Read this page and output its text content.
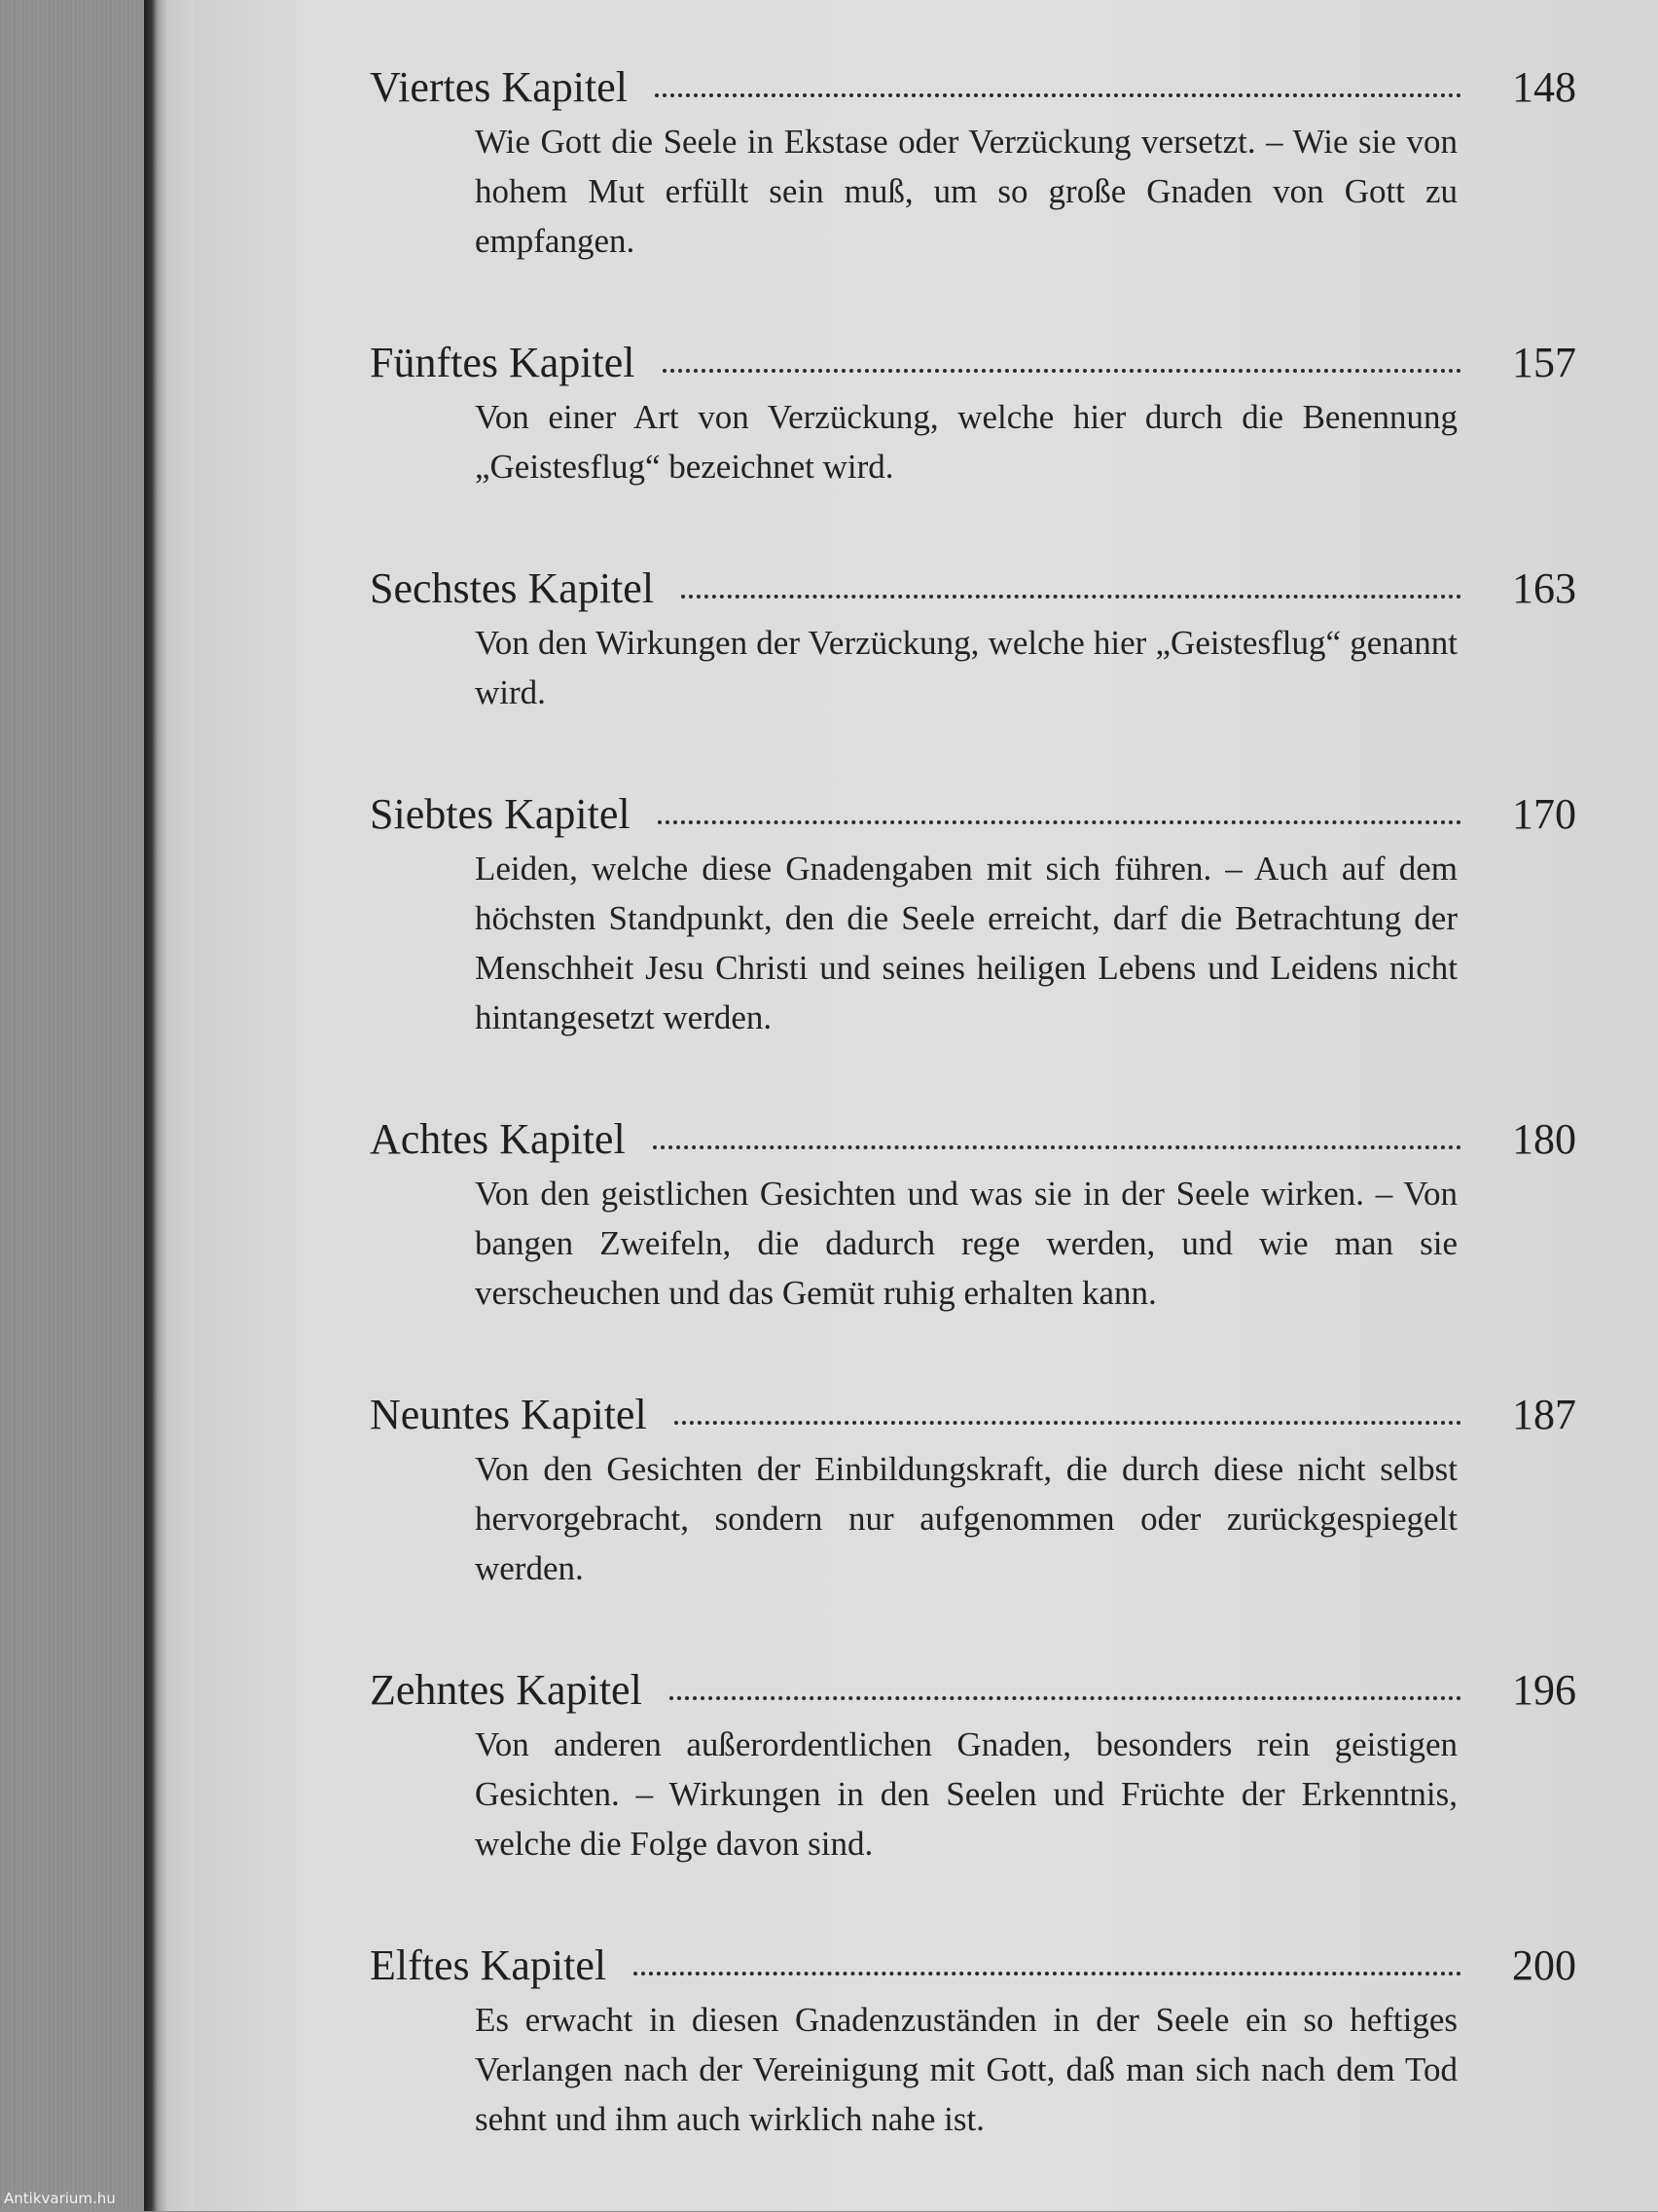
Viertes Kapitel	148
Wie Gott die Seele in Ekstase oder Verzückung versetzt. – Wie sie von hohem Mut erfüllt sein muß, um so große Gnaden von Gott zu empfangen.
Fünftes Kapitel	157
Von einer Art von Verzückung, welche hier durch die Benennung „Geistesflug“ bezeichnet wird.
Sechstes Kapitel	163
Von den Wirkungen der Verzückung, welche hier „Geistesflug“ genannt wird.
Siebtes Kapitel	170
Leiden, welche diese Gnadengaben mit sich führen. – Auch auf dem höchsten Standpunkt, den die Seele erreicht, darf die Betrachtung der Menschheit Jesu Christi und seines heiligen Lebens und Leidens nicht hintangesetzt werden.
Achtes Kapitel	180
Von den geistlichen Gesichten und was sie in der Seele wirken. – Von bangen Zweifeln, die dadurch rege werden, und wie man sie verscheuchen und das Gemüt ruhig erhalten kann.
Neuntes Kapitel	187
Von den Gesichten der Einbildungskraft, die durch diese nicht selbst hervorgebracht, sondern nur aufgenommen oder zurückgespiegelt werden.
Zehntes Kapitel	196
Von anderen außerordentlichen Gnaden, besonders rein geistigen Gesichten. – Wirkungen in den Seelen und Früchte der Erkenntnis, welche die Folge davon sind.
Elftes Kapitel	200
Es erwacht in diesen Gnadenzuständen in der Seele ein so heftiges Verlangen nach der Vereinigung mit Gott, daß man sich nach dem Tod sehnt und ihm auch wirklich nahe ist.
Antikvarium.hu
